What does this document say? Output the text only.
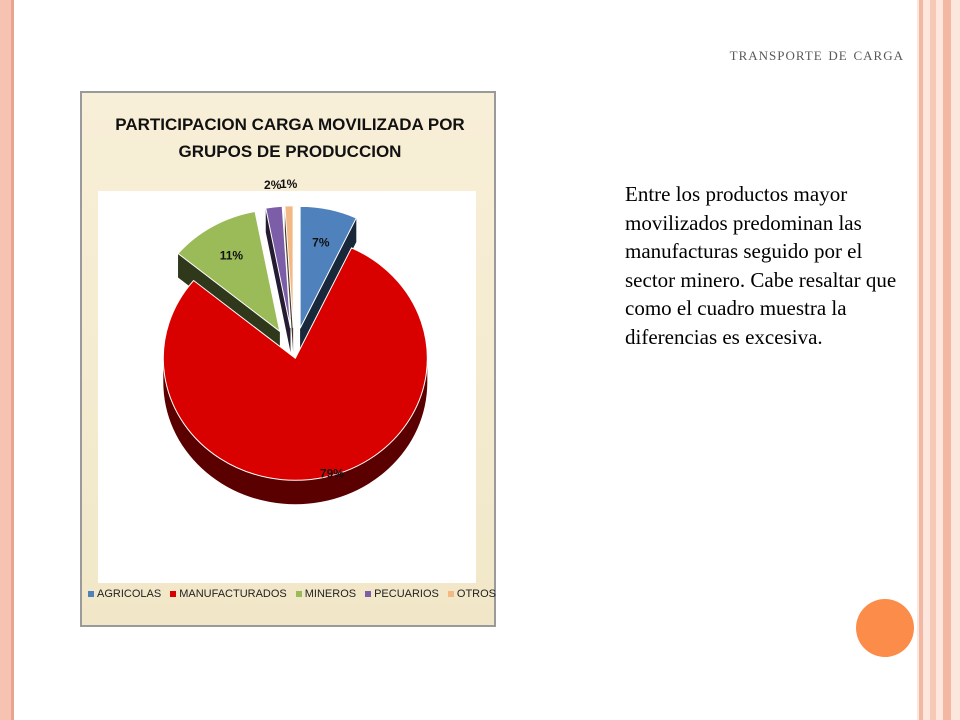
transporte de carga
Entre los productos mayor movilizados predominan las manufacturas seguido por el sector minero. Cabe resaltar que como el cuadro muestra la diferencias es excesiva.
7%
79%
11%
2%
1%
PARTICIPACION CARGA MOVILIZADA POR GRUPOS DE PRODUCCION
AGRICOLAS MANUFACTURADOS MINEROS PECUARIOS OTROS
